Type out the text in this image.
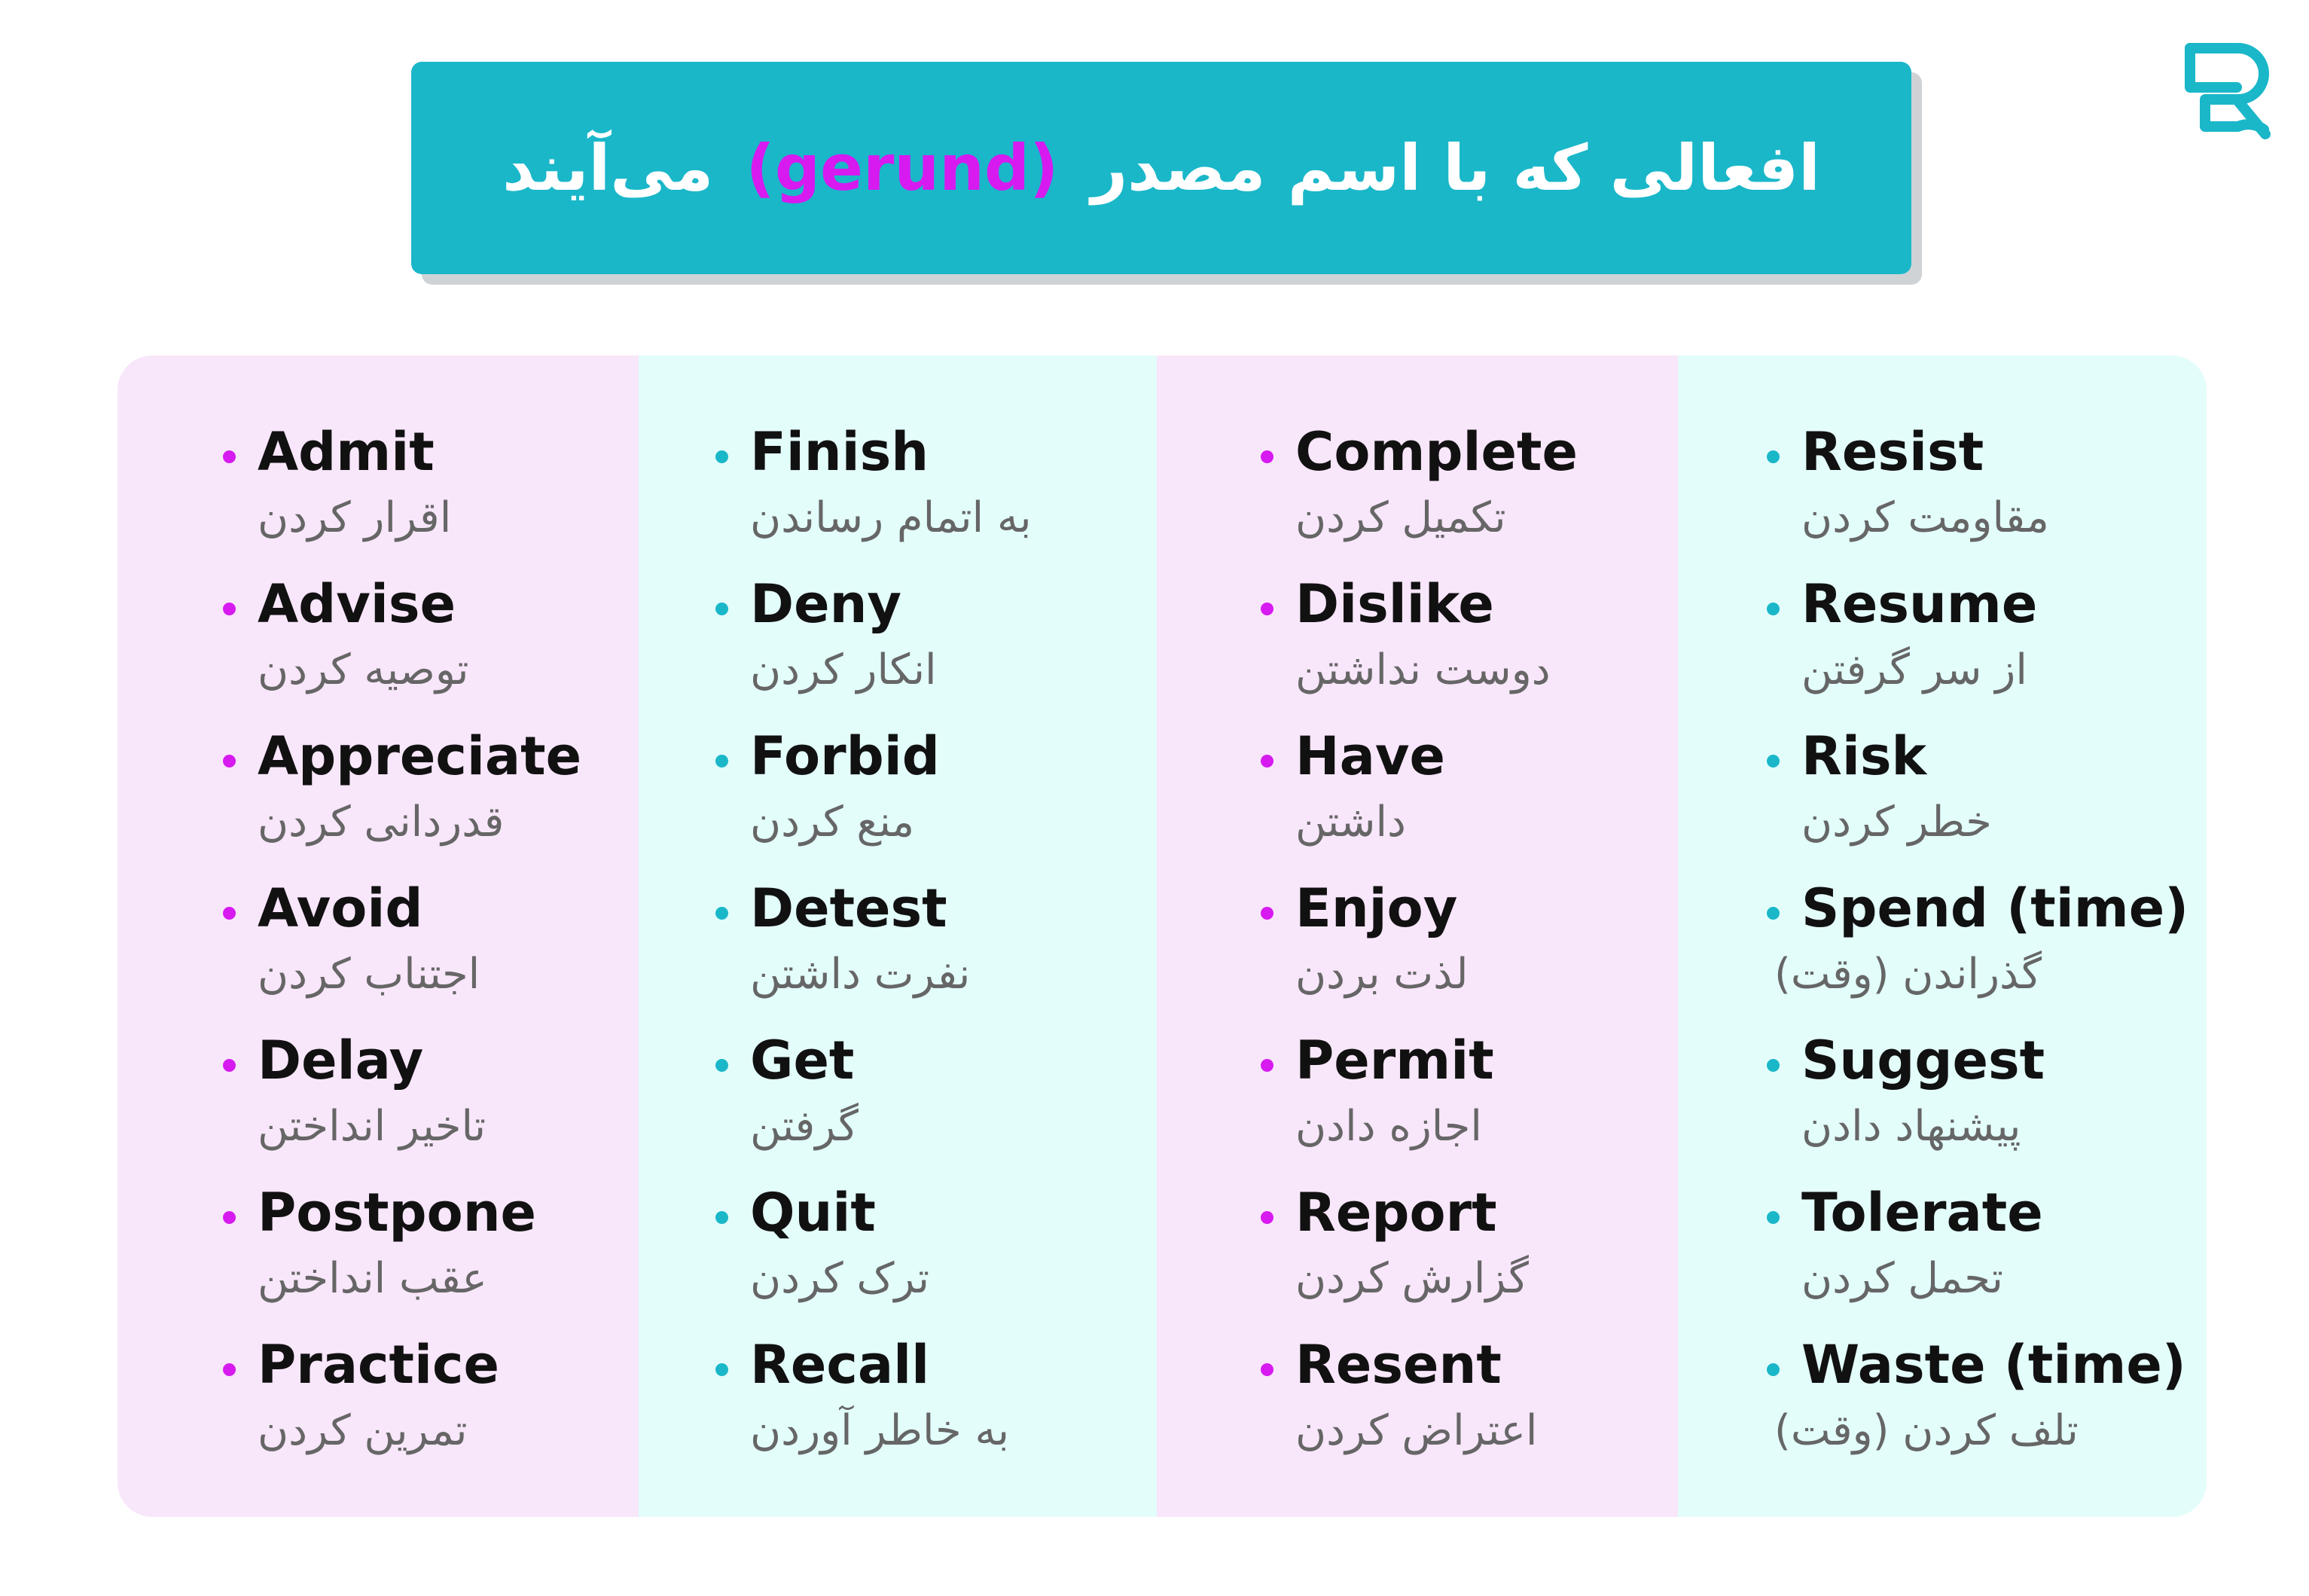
افعالی که با اسم مصدر (gerund) می‌آیند
Admit
اقرار کردن
Advise
توصیه کردن
Appreciate
قدردانی کردن
Avoid
اجتناب کردن
Delay
تاخیر انداختن
Postpone
عقب انداختن
Practice
تمرین کردن
Finish
به اتمام رساندن
Deny
انکار کردن
Forbid
منع کردن
Detest
نفرت داشتن
Get
گرفتن
Quit
ترک کردن
Recall
به خاطر آوردن
Complete
تکمیل کردن
Dislike
دوست نداشتن
Have
داشتن
Enjoy
لذت بردن
Permit
اجازه دادن
Report
گزارش کردن
Resent
اعتراض کردن
Resist
مقاومت کردن
Resume
از سر گرفتن
Risk
خطر کردن
Spend (time)
گذراندن (وقت)
Suggest
پیشنهاد دادن
Tolerate
تحمل کردن
Waste (time)
تلف کردن (وقت)
